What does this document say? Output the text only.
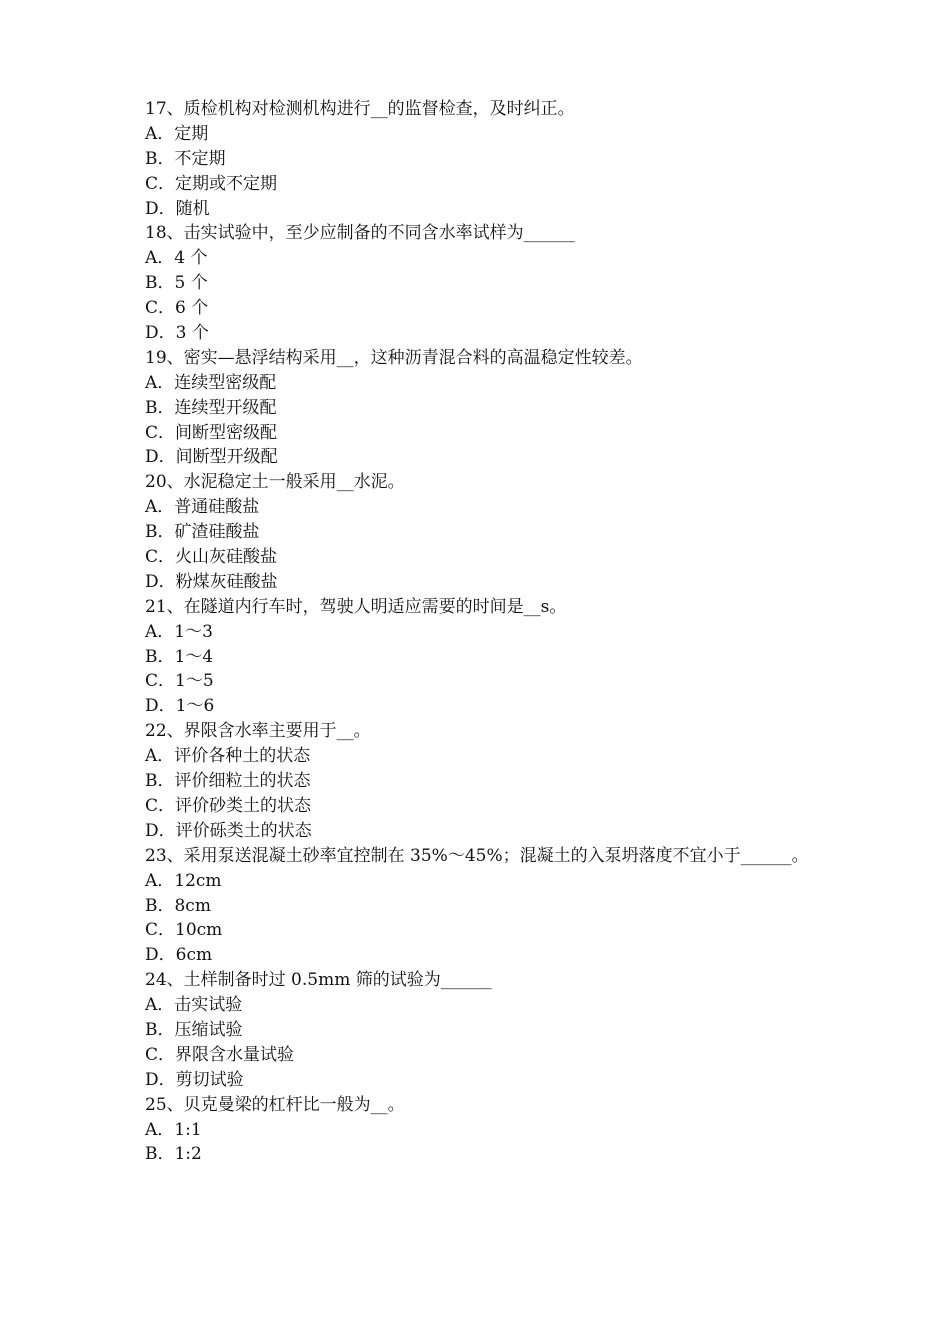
17、质检机构对检测机构进行__的监督检查，及时纠正。
A．定期
B．不定期
C．定期或不定期
D．随机
18、击实试验中，至少应制备的不同含水率试样为______
A．4 个
B．5 个
C．6 个
D．3 个
19、密实—悬浮结构采用__，这种沥青混合料的高温稳定性较差。
A．连续型密级配
B．连续型开级配
C．间断型密级配
D．间断型开级配
20、水泥稳定土一般采用__水泥。
A．普通硅酸盐
B．矿渣硅酸盐
C．火山灰硅酸盐
D．粉煤灰硅酸盐
21、在隧道内行车时，驾驶人明适应需要的时间是__s。
A．1～3
B．1～4
C．1～5
D．1～6
22、界限含水率主要用于__。
A．评价各种土的状态
B．评价细粒土的状态
C．评价砂类土的状态
D．评价砾类土的状态
23、采用泵送混凝土砂率宜控制在 35%～45%；混凝土的入泵坍落度不宜小于______。
A．12cm
B．8cm
C．10cm
D．6cm
24、土样制备时过 0.5mm 筛的试验为______
A．击实试验
B．压缩试验
C．界限含水量试验
D．剪切试验
25、贝克曼梁的杠杆比一般为__。
A．1:1
B．1:2
